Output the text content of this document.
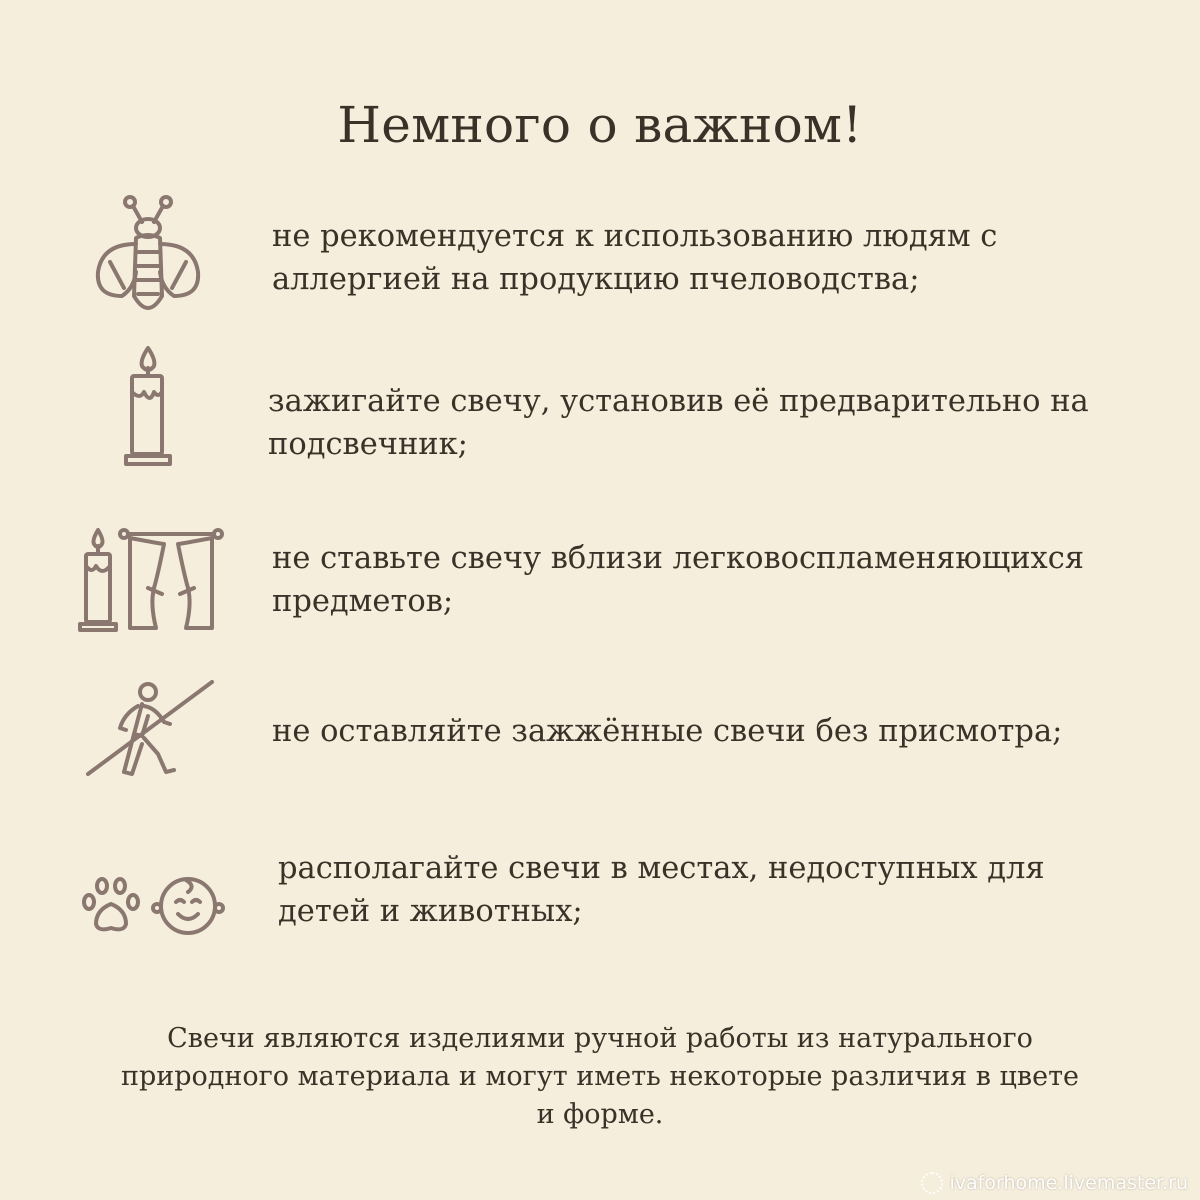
Немного о важном!
не рекомендуется к использованию людям с
аллергией на продукцию пчеловодства;
зажигайте свечу, установив её предварительно на
подсвечник;
не ставьте свечу вблизи легковоспламеняющихся
предметов;
не оставляйте зажжённые свечи без присмотра;
располагайте свечи в местах, недоступных для
детей и животных;
Свечи являются изделиями ручной работы из натурального
природного материала и могут иметь некоторые различия в цвете
и форме.
ivaforhome.livemaster.ru
